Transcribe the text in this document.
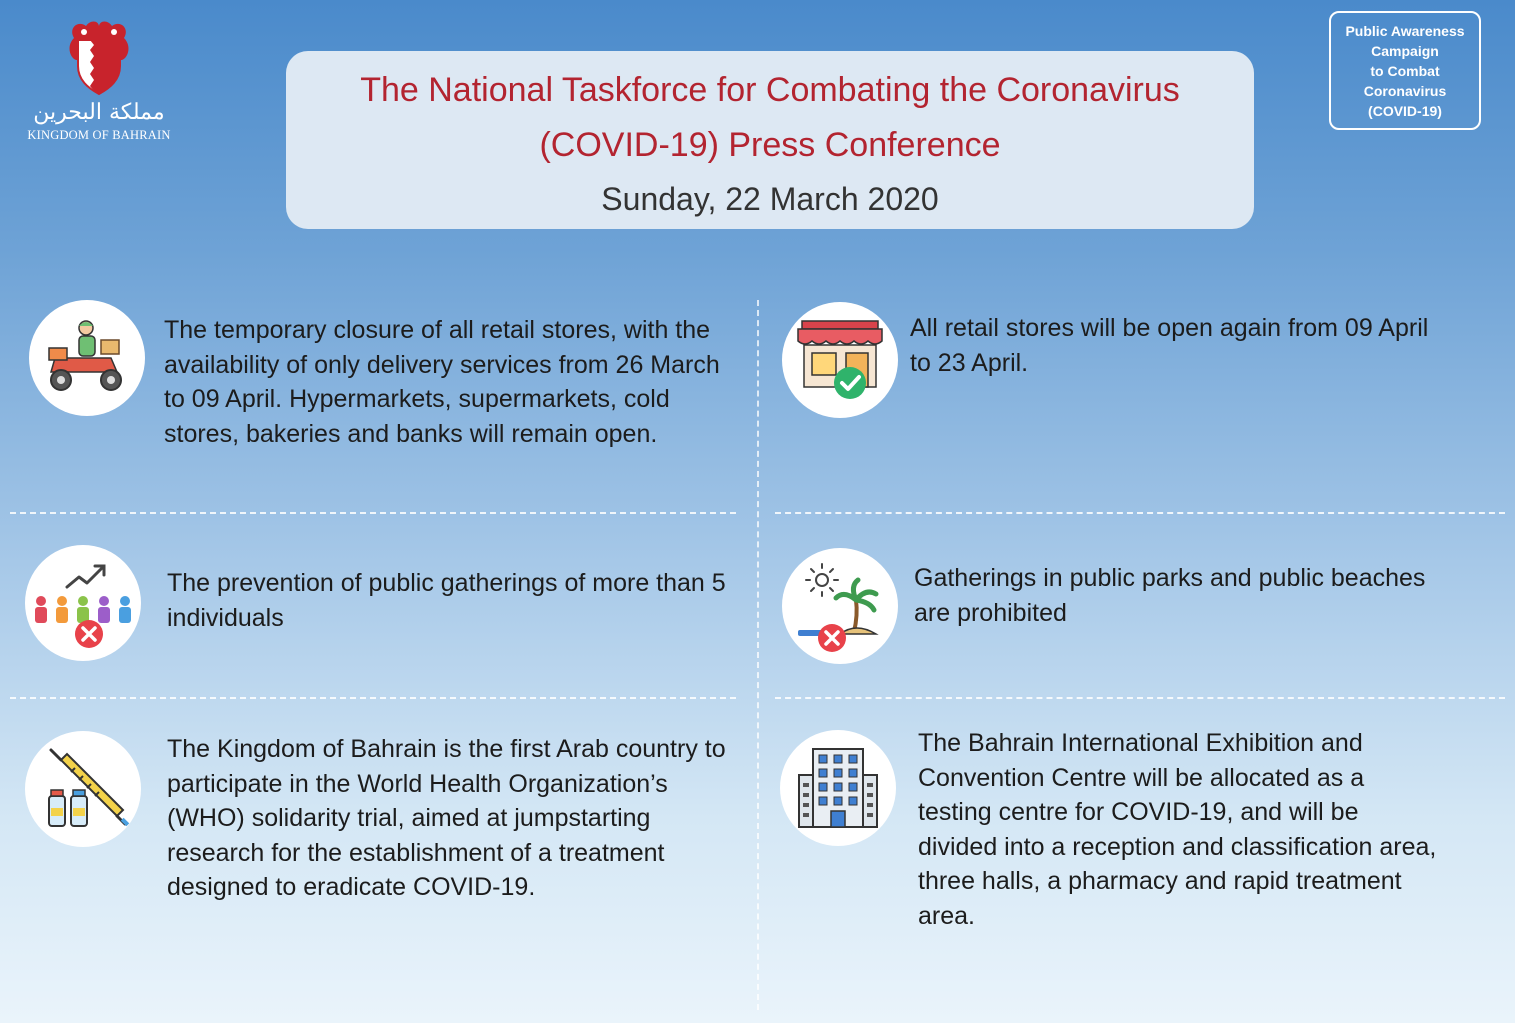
مملكة البحرين
KINGDOM OF BAHRAIN
Public Awareness
Campaign
to Combat
Coronavirus
(COVID-19)
The National Taskforce for Combating the Coronavirus
(COVID-19) Press Conference
Sunday, 22 March 2020
The temporary closure of all retail stores, with the availability of only delivery services from 26 March to 09 April. Hypermarkets, supermarkets, cold stores, bakeries and banks will remain open.
All retail stores will be open again from 09 April to 23 April.
The prevention of public gatherings of more than 5 individuals
Gatherings in public parks and public beaches are prohibited
The Kingdom of Bahrain is the first Arab country to participate in the World Health Organization’s (WHO) solidarity trial, aimed at jumpstarting research for the establishment of a treatment designed to eradicate COVID-19.
The Bahrain International Exhibition and Convention Centre will be allocated as a testing centre for COVID-19, and will be divided into a reception and classification area, three halls, a pharmacy and rapid treatment area.
